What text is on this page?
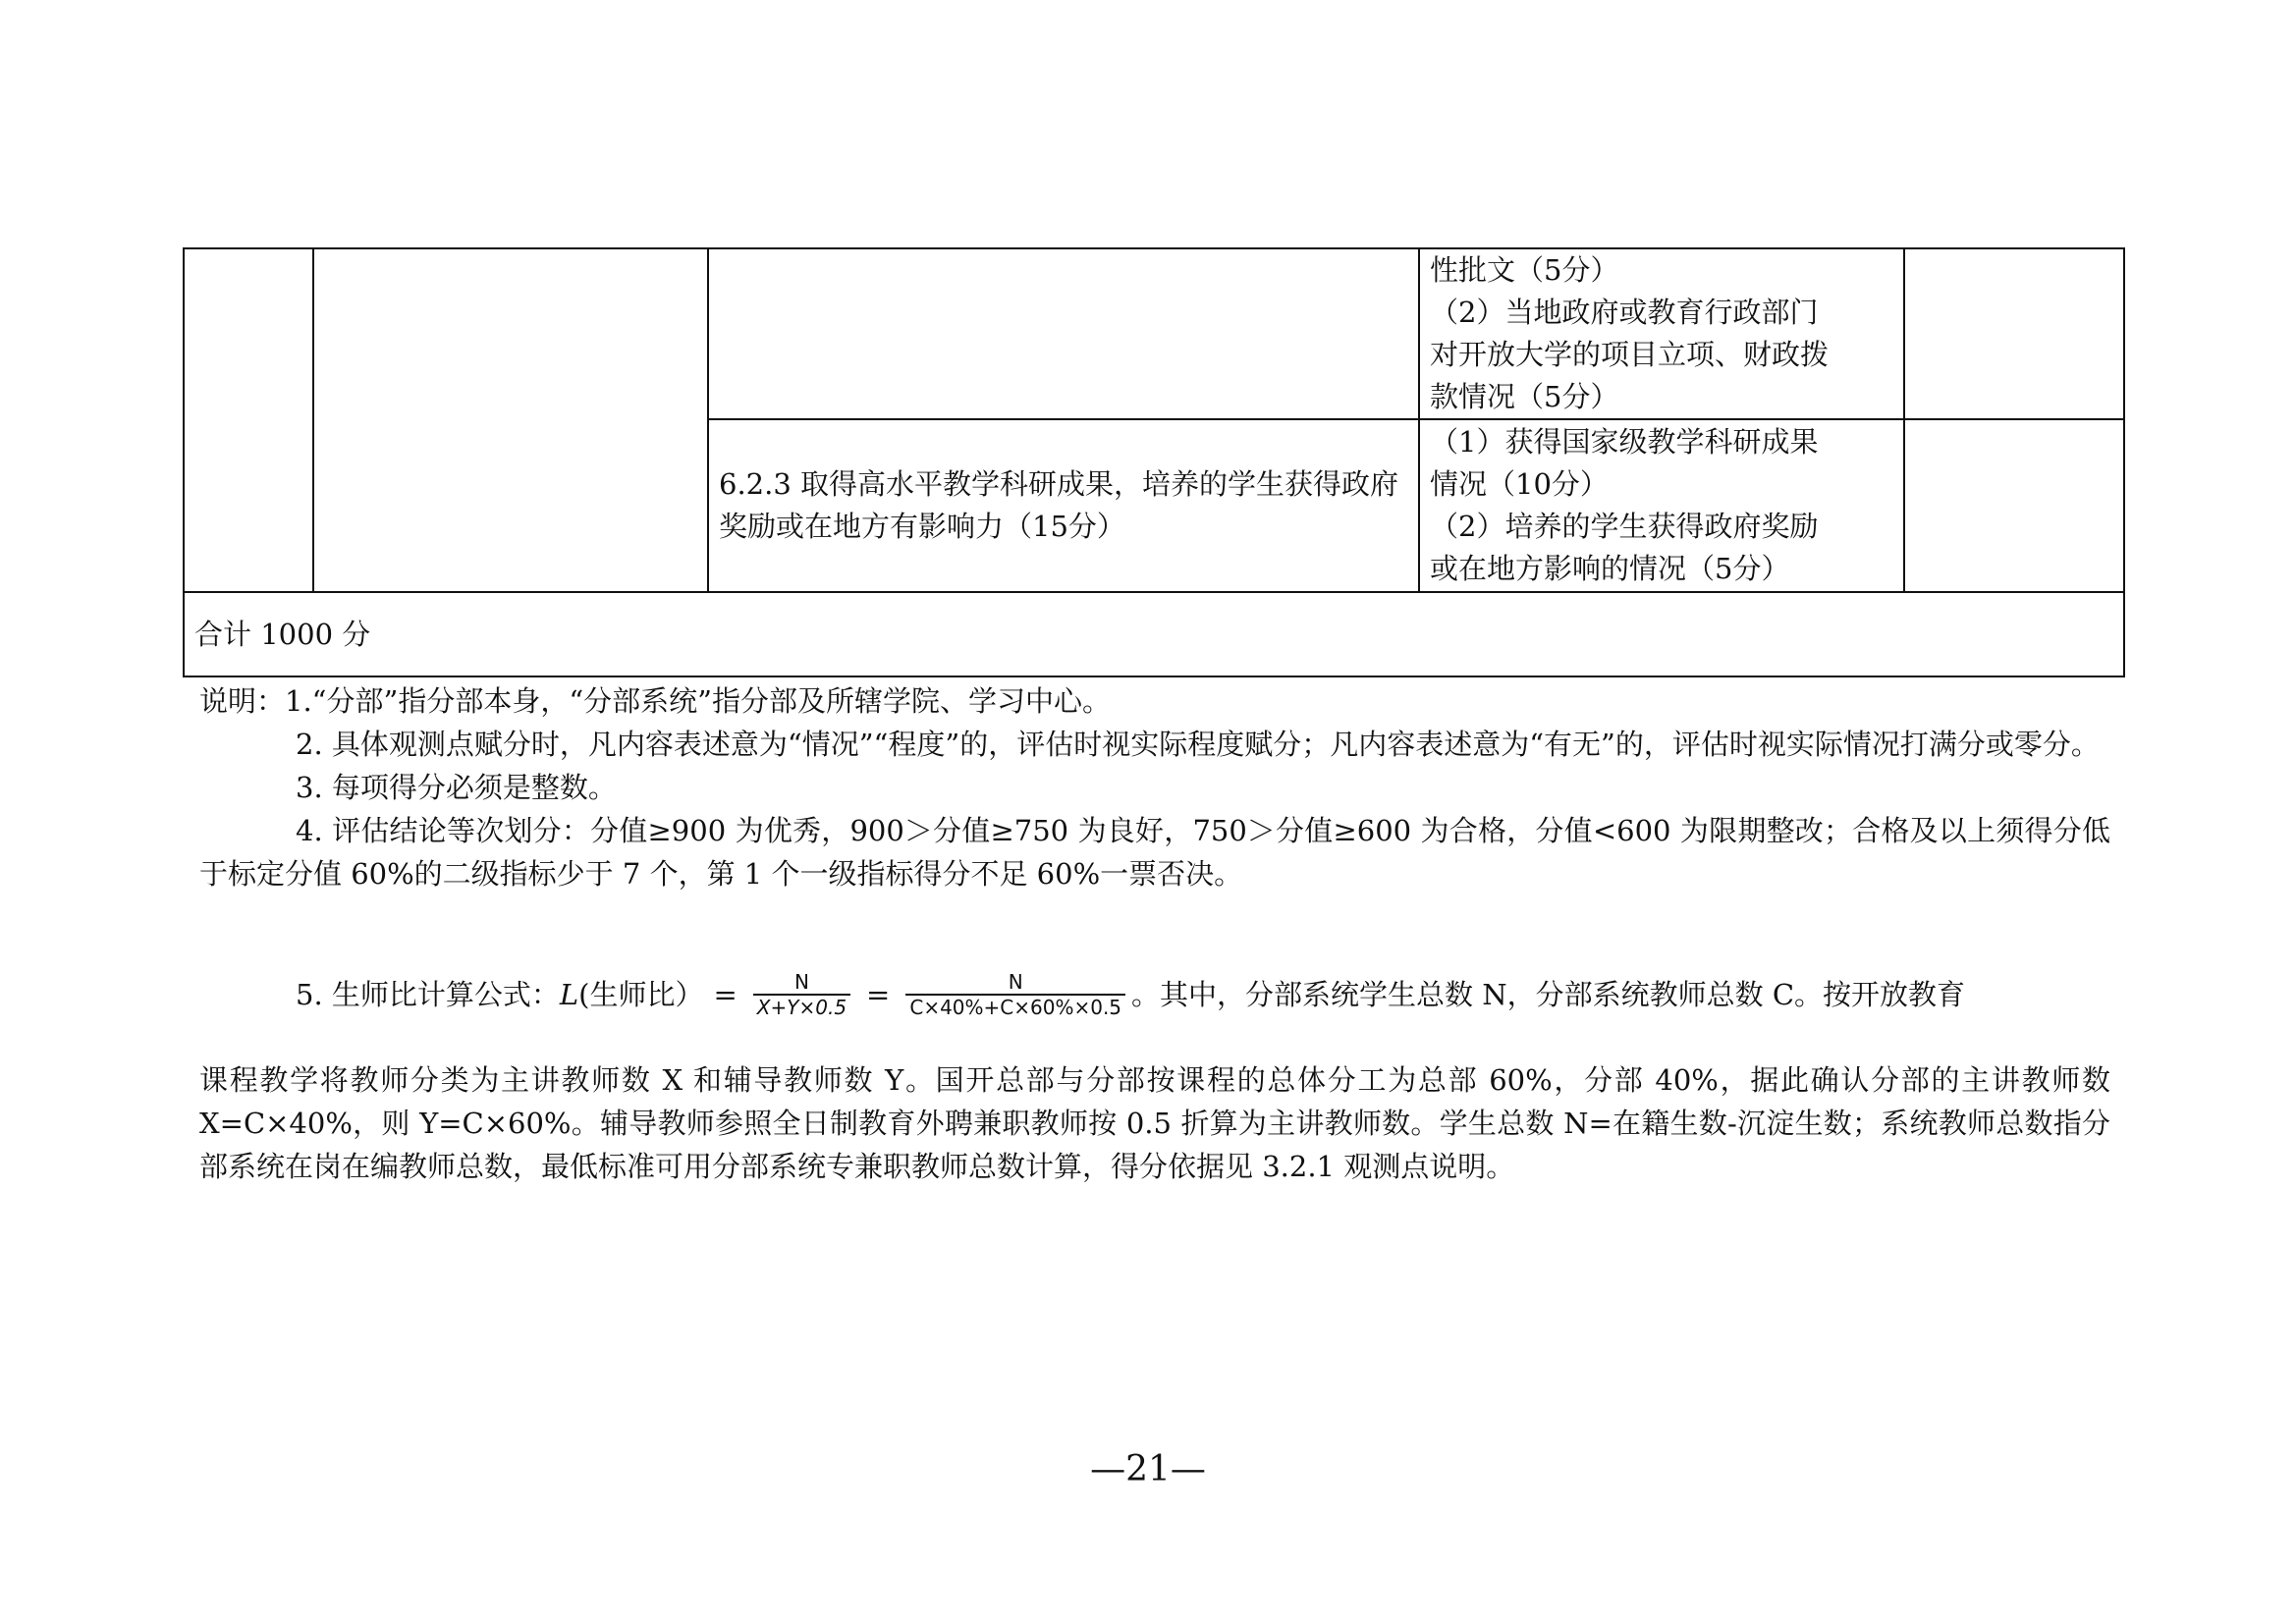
			性批文（5分）
（2）当地政府或教育行政部门
对开放大学的项目立项、财政拨
款情况（5分）	

		6.2.3 取得高水平教学科研成果，培养的学生获得政府奖励或在地方有影响力（15分）	（1）获得国家级教学科研成果
情况（10分）
（2）培养的学生获得政府奖励
或在地方影响的情况（5分）	

合计 1000 分				

说明：1.“分部”指分部本身，“分部系统”指分部及所辖学院、学习中心。

2. 具体观测点赋分时，凡内容表述意为“情况”“程度”的，评估时视实际程度赋分；凡内容表述意为“有无”的，评估时视实际情况打满分或零分。

3. 每项得分必须是整数。

4. 评估结论等次划分：分值≥900 为优秀，900＞分值≥750 为良好，750＞分值≥600 为合格，分值<600 为限期整改；合格及以上须得分低于标定分值 60%的二级指标少于 7 个，第 1 个一级指标得分不足 60%一票否决。

5. 生师比计算公式： L (生师比） = $\frac{N}{X+Y\times 0.5} = \frac{N}{C\times 40\%+C\times 60\%\times 0.5}$ 。其中，分部系统学生总数 N，分部系统教师总数 C。按开放教育

课程教学将教师分类为主讲教师数 X 和辅导教师数 Y。国开总部与分部按课程的总体分工为总部 60%，分部 40%，据此确认分部的主讲教师数 X=C×40%，则 Y=C×60%。辅导教师参照全日制教育外聘兼职教师按 0.5 折算为主讲教师数。学生总数 N=在籍生数-沉淀生数；系统教师总数指分部系统在岗在编教师总数，最低标准可用分部系统专兼职教师总数计算，得分依据见 3.2.1 观测点说明。

—21—
